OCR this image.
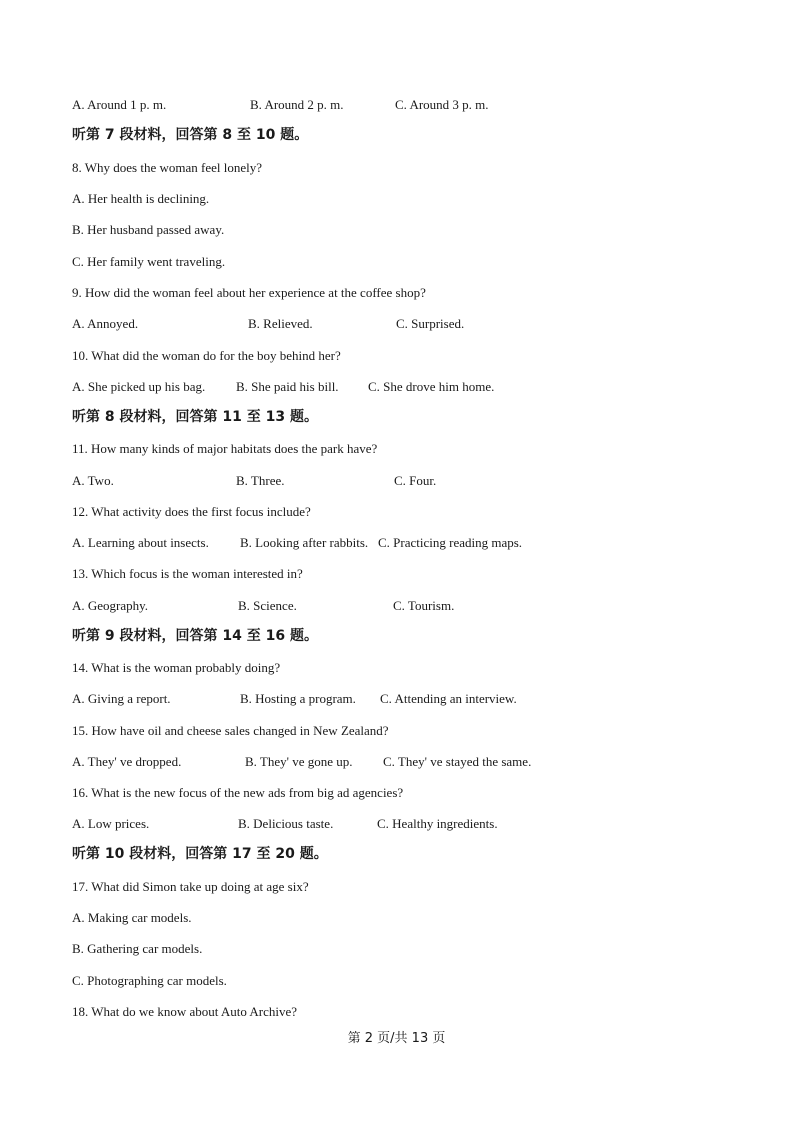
A. Around 1 p. m.	B. Around 2 p. m.	C. Around 3 p. m.
听第 7 段材料，回答第 8 至 10 题。
8. Why does the woman feel lonely?
A. Her health is declining.
B. Her husband passed away.
C. Her family went traveling.
9. How did the woman feel about her experience at the coffee shop?
A. Annoyed.	B. Relieved.	C. Surprised.
10. What did the woman do for the boy behind her?
A. She picked up his bag. B. She paid his bill. C. She drove him home.
听第 8 段材料，回答第 11 至 13 题。
11. How many kinds of major habitats does the park have?
A. Two.	B. Three.	C. Four.
12. What activity does the first focus include?
A. Learning about insects. B. Looking after rabbits. C. Practicing reading maps.
13. Which focus is the woman interested in?
A. Geography.	B. Science.	C. Tourism.
听第 9 段材料，回答第 14 至 16 题。
14. What is the woman probably doing?
A. Giving a report.	B. Hosting a program. C. Attending an interview.
15. How have oil and cheese sales changed in New Zealand?
A. They' ve dropped.	B. They' ve gone up. C. They' ve stayed the same.
16. What is the new focus of the new ads from big ad agencies?
A. Low prices.	B. Delicious taste.	C. Healthy ingredients.
听第 10 段材料，回答第 17 至 20 题。
17. What did Simon take up doing at age six?
A. Making car models.
B. Gathering car models.
C. Photographing car models.
18. What do we know about Auto Archive?
第 2 页/共 13 页
